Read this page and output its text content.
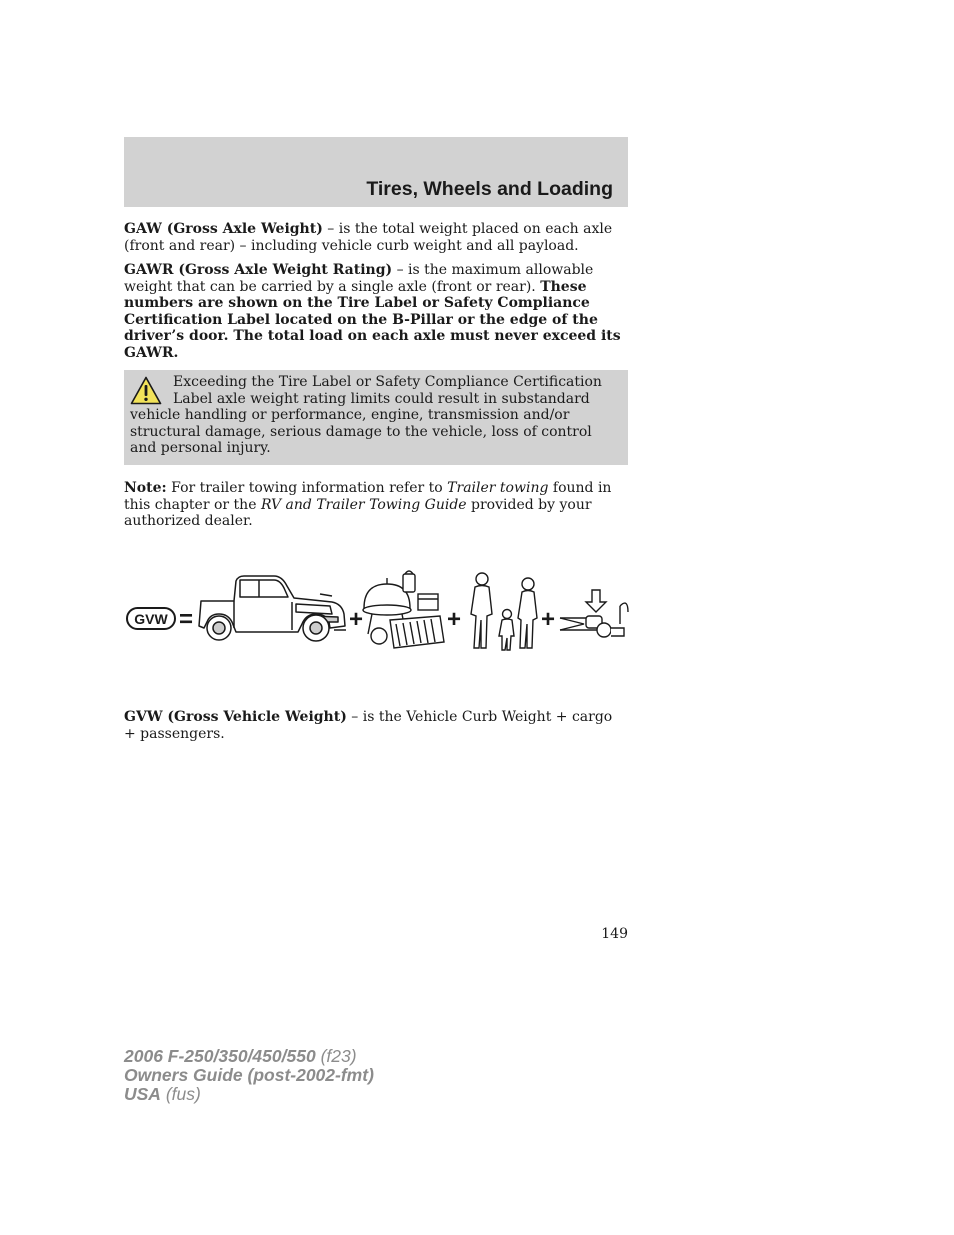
Tires, Wheels and Loading

GAW (Gross Axle Weight) – is the total weight placed on each axle (front and rear) – including vehicle curb weight and all payload.

GAWR (Gross Axle Weight Rating) – is the maximum allowable weight that can be carried by a single axle (front or rear). These numbers are shown on the Tire Label or Safety Compliance Certification Label located on the B-Pillar or the edge of the driver’s door. The total load on each axle must never exceed its GAWR.

Exceeding the Tire Label or Safety Compliance Certification Label axle weight rating limits could result in substandard vehicle handling or performance, engine, transmission and/or structural damage, serious damage to the vehicle, loss of control and personal injury.

Note: For trailer towing information refer to Trailer towing found in this chapter or the RV and Trailer Towing Guide provided by your authorized dealer.

GVW =	+	+	+

GVW (Gross Vehicle Weight) – is the Vehicle Curb Weight + cargo + passengers.

149
2006 F-250/350/450/550 (f23)
Owners Guide (post-2002-fmt)
USA (fus)
